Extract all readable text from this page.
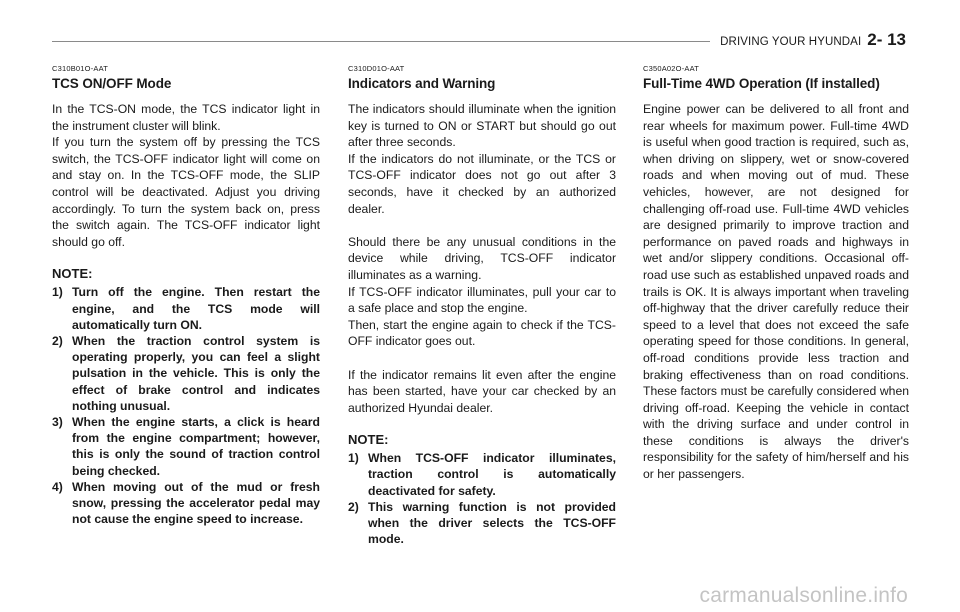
DRIVING YOUR HYUNDAI 2- 13
C310B01O-AAT
TCS ON/OFF Mode

In the TCS-ON mode, the TCS indicator light in the instrument cluster will blink.

If you turn the system off by pressing the TCS switch, the TCS-OFF indicator light will come on and stay on. In the TCS-OFF mode, the SLIP control will be deactivated. Adjust you driving accordingly. To turn the system back on, press the switch again. The TCS-OFF indicator light should go off.

NOTE:
1) Turn off the engine. Then restart the engine, and the TCS mode will automatically turn ON.
2) When the traction control system is operating properly, you can feel a slight pulsation in the vehicle. This is only the effect of brake control and indicates nothing unusual.
3) When the engine starts, a click is heard from the engine compartment; however, this is only the sound of traction control being checked.
4) When moving out of the mud or fresh snow, pressing the accelerator pedal may not cause the engine speed to increase.
C310D01O-AAT
Indicators and Warning

The indicators should illuminate when the ignition key is turned to ON or START but should go out after three seconds.
If the indicators do not illuminate, or the TCS or TCS-OFF indicator does not go out after 3 seconds, have it checked by an authorized dealer.

Should there be any unusual conditions in the device while driving, TCS-OFF indicator illuminates as a warning.
If TCS-OFF indicator illuminates, pull your car to a safe place and stop the engine.
Then, start the engine again to check if the TCS-OFF indicator goes out.

If the indicator remains lit even after the engine has been started, have your car checked by an authorized Hyundai dealer.

NOTE:
1) When TCS-OFF indicator illuminates, traction control is automatically deactivated for safety.
2) This warning function is not provided when the driver selects the TCS-OFF mode.
C350A02O-AAT
Full-Time 4WD Operation (If installed)

Engine power can be delivered to all front and rear wheels for maximum power. Full-time 4WD is useful when good traction is required, such as, when driving on slippery, wet or snow-covered roads and when moving out of mud. These vehicles, however, are not designed for challenging off-road use. Full-time 4WD vehicles are designed primarily to improve traction and performance on paved roads and highways in wet and/or slippery conditions. Occasional off-road use such as established unpaved roads and trails is OK. It is always important when traveling off-highway that the driver carefully reduce their speed to a level that does not exceed the safe operating speed for those conditions. In general, off-road conditions provide less traction and braking effectiveness than on road conditions. These factors must be carefully considered when driving off-road. Keeping the vehicle in contact with the driving surface and under control in these conditions is always the driver's responsibility for the safety of him/herself and his or her passengers.

carmanualsonline.info
